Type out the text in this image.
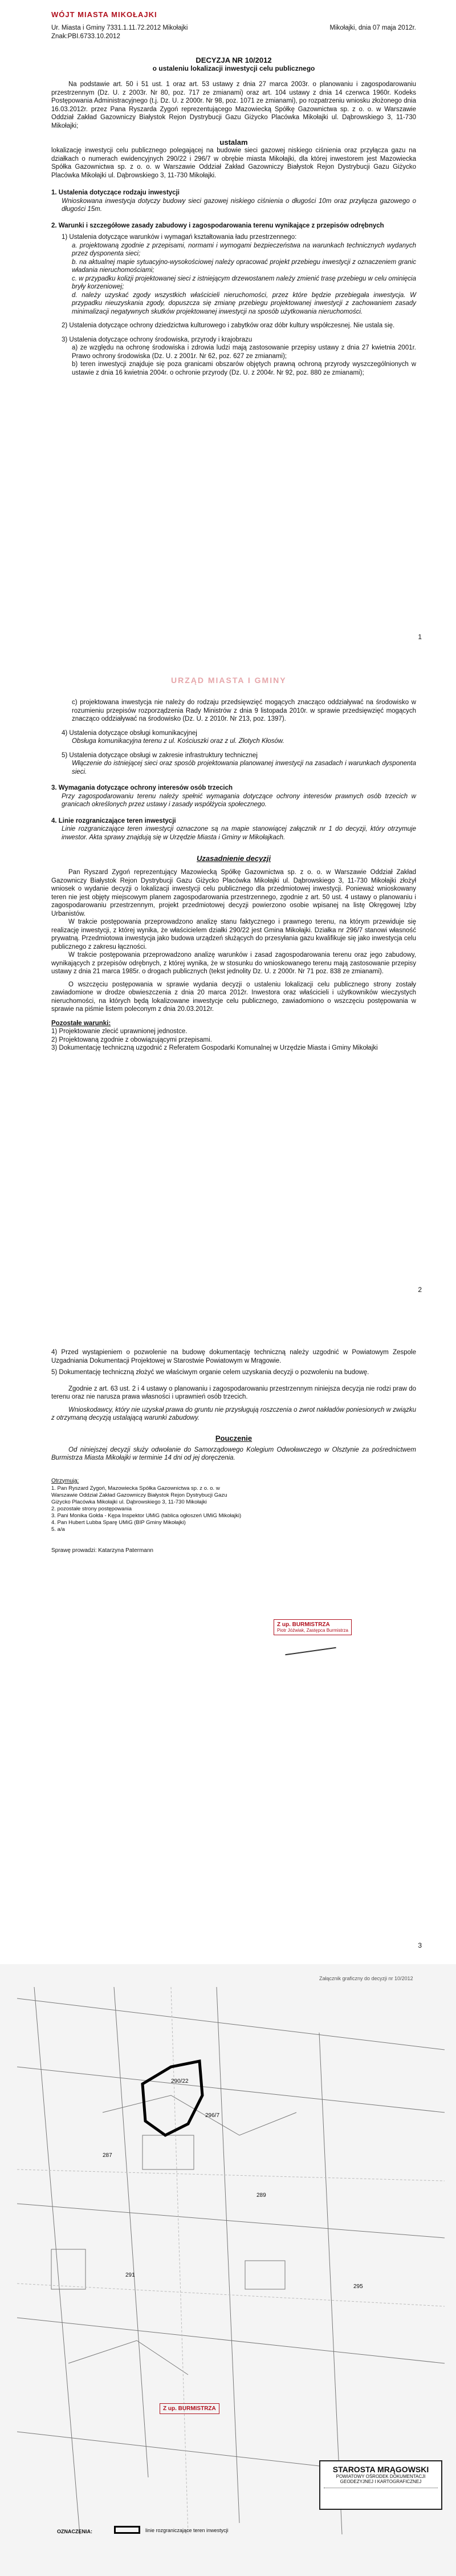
WÓJT MIASTA MIKOŁAJKI
Ur. Miasta i Gminy 7331.1.11.72.2012 Mikołajki
Znak:PBI.6733.10.2012
Mikołajki, dnia 07 maja 2012r.
DECYZJA NR 10/2012
o ustaleniu lokalizacji inwestycji celu publicznego

Na podstawie art. 50 i 51 ust. 1 oraz art. 53 ustawy z dnia 27 marca 2003r. o planowaniu i zagospodarowaniu przestrzennym (Dz. U. z 2003r. Nr 80, poz. 717 ze zmianami) oraz art. 104 ustawy z dnia 14 czerwca 1960r. Kodeks Postępowania Administracyjnego (t.j. Dz. U. z 2000r. Nr 98, poz. 1071 ze zmianami), po rozpatrzeniu wniosku złożonego dnia 16.03.2012r. przez Pana Ryszarda Zygoń reprezentującego Mazowiecką Spółkę Gazownictwa sp. z o. o. w Warszawie Oddział Zakład Gazowniczy Białystok Rejon Dystrybucji Gazu Giżycko Placówka Mikołajki ul. Dąbrowskiego 3, 11-730 Mikołajki;

ustalam

lokalizację inwestycji celu publicznego polegającej na budowie sieci gazowej niskiego ciśnienia oraz przyłącza gazu na działkach o numerach ewidencyjnych 290/22 i 296/7 w obrębie miasta Mikołajki, dla której inwestorem jest Mazowiecka Spółka Gazownictwa sp. z o. o. w Warszawie Oddział Zakład Gazowniczy Białystok Rejon Dystrybucji Gazu Giżycko Placówka Mikołajki ul. Dąbrowskiego 3, 11-730 Mikołajki.

1. Ustalenia dotyczące rodzaju inwestycji

Wnioskowana inwestycja dotyczy budowy sieci gazowej niskiego ciśnienia o długości 10m oraz przyłącza gazowego o długości 15m.

2. Warunki i szczegółowe zasady zabudowy i zagospodarowania terenu wynikające z przepisów odrębnych
1) Ustalenia dotyczące warunków i wymagań kształtowania ładu przestrzennego:

a. projektowaną zgodnie z przepisami, normami i wymogami bezpieczeństwa na warunkach technicznych wydanych przez dysponenta sieci;

b. na aktualnej mapie sytuacyjno-wysokościowej należy opracować projekt przebiegu inwestycji z oznaczeniem granic władania nieruchomościami;

c. w przypadku kolizji projektowanej sieci z istniejącym drzewostanem należy zmienić trasę przebiegu w celu ominięcia bryły korzeniowej;

d. należy uzyskać zgody wszystkich właścicieli nieruchomości, przez które będzie przebiegała inwestycja. W przypadku nieuzyskania zgody, dopuszcza się zmianę przebiegu projektowanej inwestycji z zachowaniem zasady minimalizacji negatywnych skutków projektowanej inwestycji na sposób użytkowania nieruchomości.

2) Ustalenia dotyczące ochrony dziedzictwa kulturowego i zabytków oraz dóbr kultury współczesnej. Nie ustala się.

3) Ustalenia dotyczące ochrony środowiska, przyrody i krajobrazu

a) ze względu na ochronę środowiska i zdrowia ludzi mają zastosowanie przepisy ustawy z dnia 27 kwietnia 2001r. Prawo ochrony środowiska (Dz. U. z 2001r. Nr 62, poz. 627 ze zmianami);

b) teren inwestycji znajduje się poza granicami obszarów objętych prawną ochroną przyrody wyszczególnionych w ustawie z dnia 16 kwietnia 2004r. o ochronie przyrody (Dz. U. z 2004r. Nr 92, poz. 880 ze zmianami);

1
URZĄD MIASTA I GMINY

c) projektowana inwestycja nie należy do rodzaju przedsięwzięć mogących znacząco oddziaływać na środowisko w rozumieniu przepisów rozporządzenia Rady Ministrów z dnia 9 listopada 2010r. w sprawie przedsięwzięć mogących znacząco oddziaływać na środowisko (Dz. U. z 2010r. Nr 213, poz. 1397).

4) Ustalenia dotyczące obsługi komunikacyjnej

Obsługa komunikacyjna terenu z ul. Kościuszki oraz z ul. Złotych Kłosów.

5) Ustalenia dotyczące obsługi w zakresie infrastruktury technicznej

Włączenie do istniejącej sieci oraz sposób projektowania planowanej inwestycji na zasadach i warunkach dysponenta sieci.

3. Wymagania dotyczące ochrony interesów osób trzecich

Przy zagospodarowaniu terenu należy spełnić wymagania dotyczące ochrony interesów prawnych osób trzecich w granicach określonych przez ustawy i zasady współżycia społecznego.

4. Linie rozgraniczające teren inwestycji

Linie rozgraniczające teren inwestycji oznaczone są na mapie stanowiącej załącznik nr 1 do decyzji, który otrzymuje inwestor. Akta sprawy znajdują się w Urzędzie Miasta i Gminy w Mikołajkach.

Uzasadnienie decyzji

Pan Ryszard Zygoń reprezentujący Mazowiecką Spółkę Gazownictwa sp. z o. o. w Warszawie Oddział Zakład Gazowniczy Białystok Rejon Dystrybucji Gazu Giżycko Placówka Mikołajki ul. Dąbrowskiego 3, 11-730 Mikołajki złożył wniosek o wydanie decyzji o lokalizacji inwestycji celu publicznego dla przedmiotowej inwestycji. Ponieważ wnioskowany teren nie jest objęty miejscowym planem zagospodarowania przestrzennego, zgodnie z art. 50 ust. 4 ustawy o planowaniu i zagospodarowaniu przestrzennym, projekt przedmiotowej decyzji powierzono osobie wpisanej na listę Okręgowej Izby Urbanistów.

W trakcie postępowania przeprowadzono analizę stanu faktycznego i prawnego terenu, na którym przewiduje się realizację inwestycji, z której wynika, że właścicielem działki 290/22 jest Gmina Mikołajki. Działka nr 296/7 stanowi własność prywatną. Przedmiotowa inwestycja jako budowa urządzeń służących do przesyłania gazu kwalifikuje się jako inwestycja celu publicznego z zakresu łączności.

W trakcie postępowania przeprowadzono analizę warunków i zasad zagospodarowania terenu oraz jego zabudowy, wynikających z przepisów odrębnych, z której wynika, że w stosunku do wnioskowanego terenu mają zastosowanie przepisy ustawy z dnia 21 marca 1985r. o drogach publicznych (tekst jednolity Dz. U. z 2000r. Nr 71 poz. 838 ze zmianami).

O wszczęciu postępowania w sprawie wydania decyzji o ustaleniu lokalizacji celu publicznego strony zostały zawiadomione w drodze obwieszczenia z dnia 20 marca 2012r. Inwestora oraz właścicieli i użytkowników wieczystych nieruchomości, na których będą lokalizowane inwestycje celu publicznego, zawiadomiono o wszczęciu postępowania w sprawie na piśmie listem poleconym z dnia 20.03.2012r.

Pozostałe warunki:

1) Projektowanie zlecić uprawnionej jednostce.

2) Projektowaną zgodnie z obowiązującymi przepisami.

3) Dokumentację techniczną uzgodnić z Referatem Gospodarki Komunalnej w Urzędzie Miasta i Gminy Mikołajki

2

4) Przed wystąpieniem o pozwolenie na budowę dokumentację techniczną należy uzgodnić w Powiatowym Zespole Uzgadniania Dokumentacji Projektowej w Starostwie Powiatowym w Mrągowie.

5) Dokumentację techniczną złożyć we właściwym organie celem uzyskania decyzji o pozwoleniu na budowę.

Zgodnie z art. 63 ust. 2 i 4 ustawy o planowaniu i zagospodarowaniu przestrzennym niniejsza decyzja nie rodzi praw do terenu oraz nie narusza prawa własności i uprawnień osób trzecich.

Wnioskodawcy, który nie uzyskał prawa do gruntu nie przysługują roszczenia o zwrot nakładów poniesionych w związku z otrzymaną decyzją ustalającą warunki zabudowy.

Pouczenie

Od niniejszej decyzji służy odwołanie do Samorządowego Kolegium Odwoławczego w Olsztynie za pośrednictwem Burmistrza Miasta Mikołajki w terminie 14 dni od jej doręczenia.

Otrzymują:
1. Pan Ryszard Zygoń, Mazowiecka Spółka Gazownictwa sp. z o. o. w Warszawie Oddział Zakład Gazowniczy Białystok Rejon Dystrybucji Gazu Giżycko Placówka Mikołajki ul. Dąbrowskiego 3, 11-730 Mikołajki
2. pozostałe strony postępowania
3. Pani Monika Gołda - Kępa Inspektor UMiG (tablica ogłoszeń UMiG Mikołajki)
4. Pan Hubert Lubba Sparę UMiG (BIP Gminy Mikołajki)
5. a/a
Sprawę prowadzi: Katarzyna Patermann
Z up. BURMISTRZA
Piotr Jóźwiak, Zastępca Burmistrza
3
Załącznik graficzny do decyzji nr 10/2012
290/22
296/7
287
289
291
295
Z up. BURMISTRZA
STAROSTA MRĄGOWSKI
POWIATOWY OŚRODEK DOKUMENTACJI
GEODEZYJNEJ I KARTOGRAFICZNEJ
OZNACZENIA:	linie rozgraniczające teren inwestycji
